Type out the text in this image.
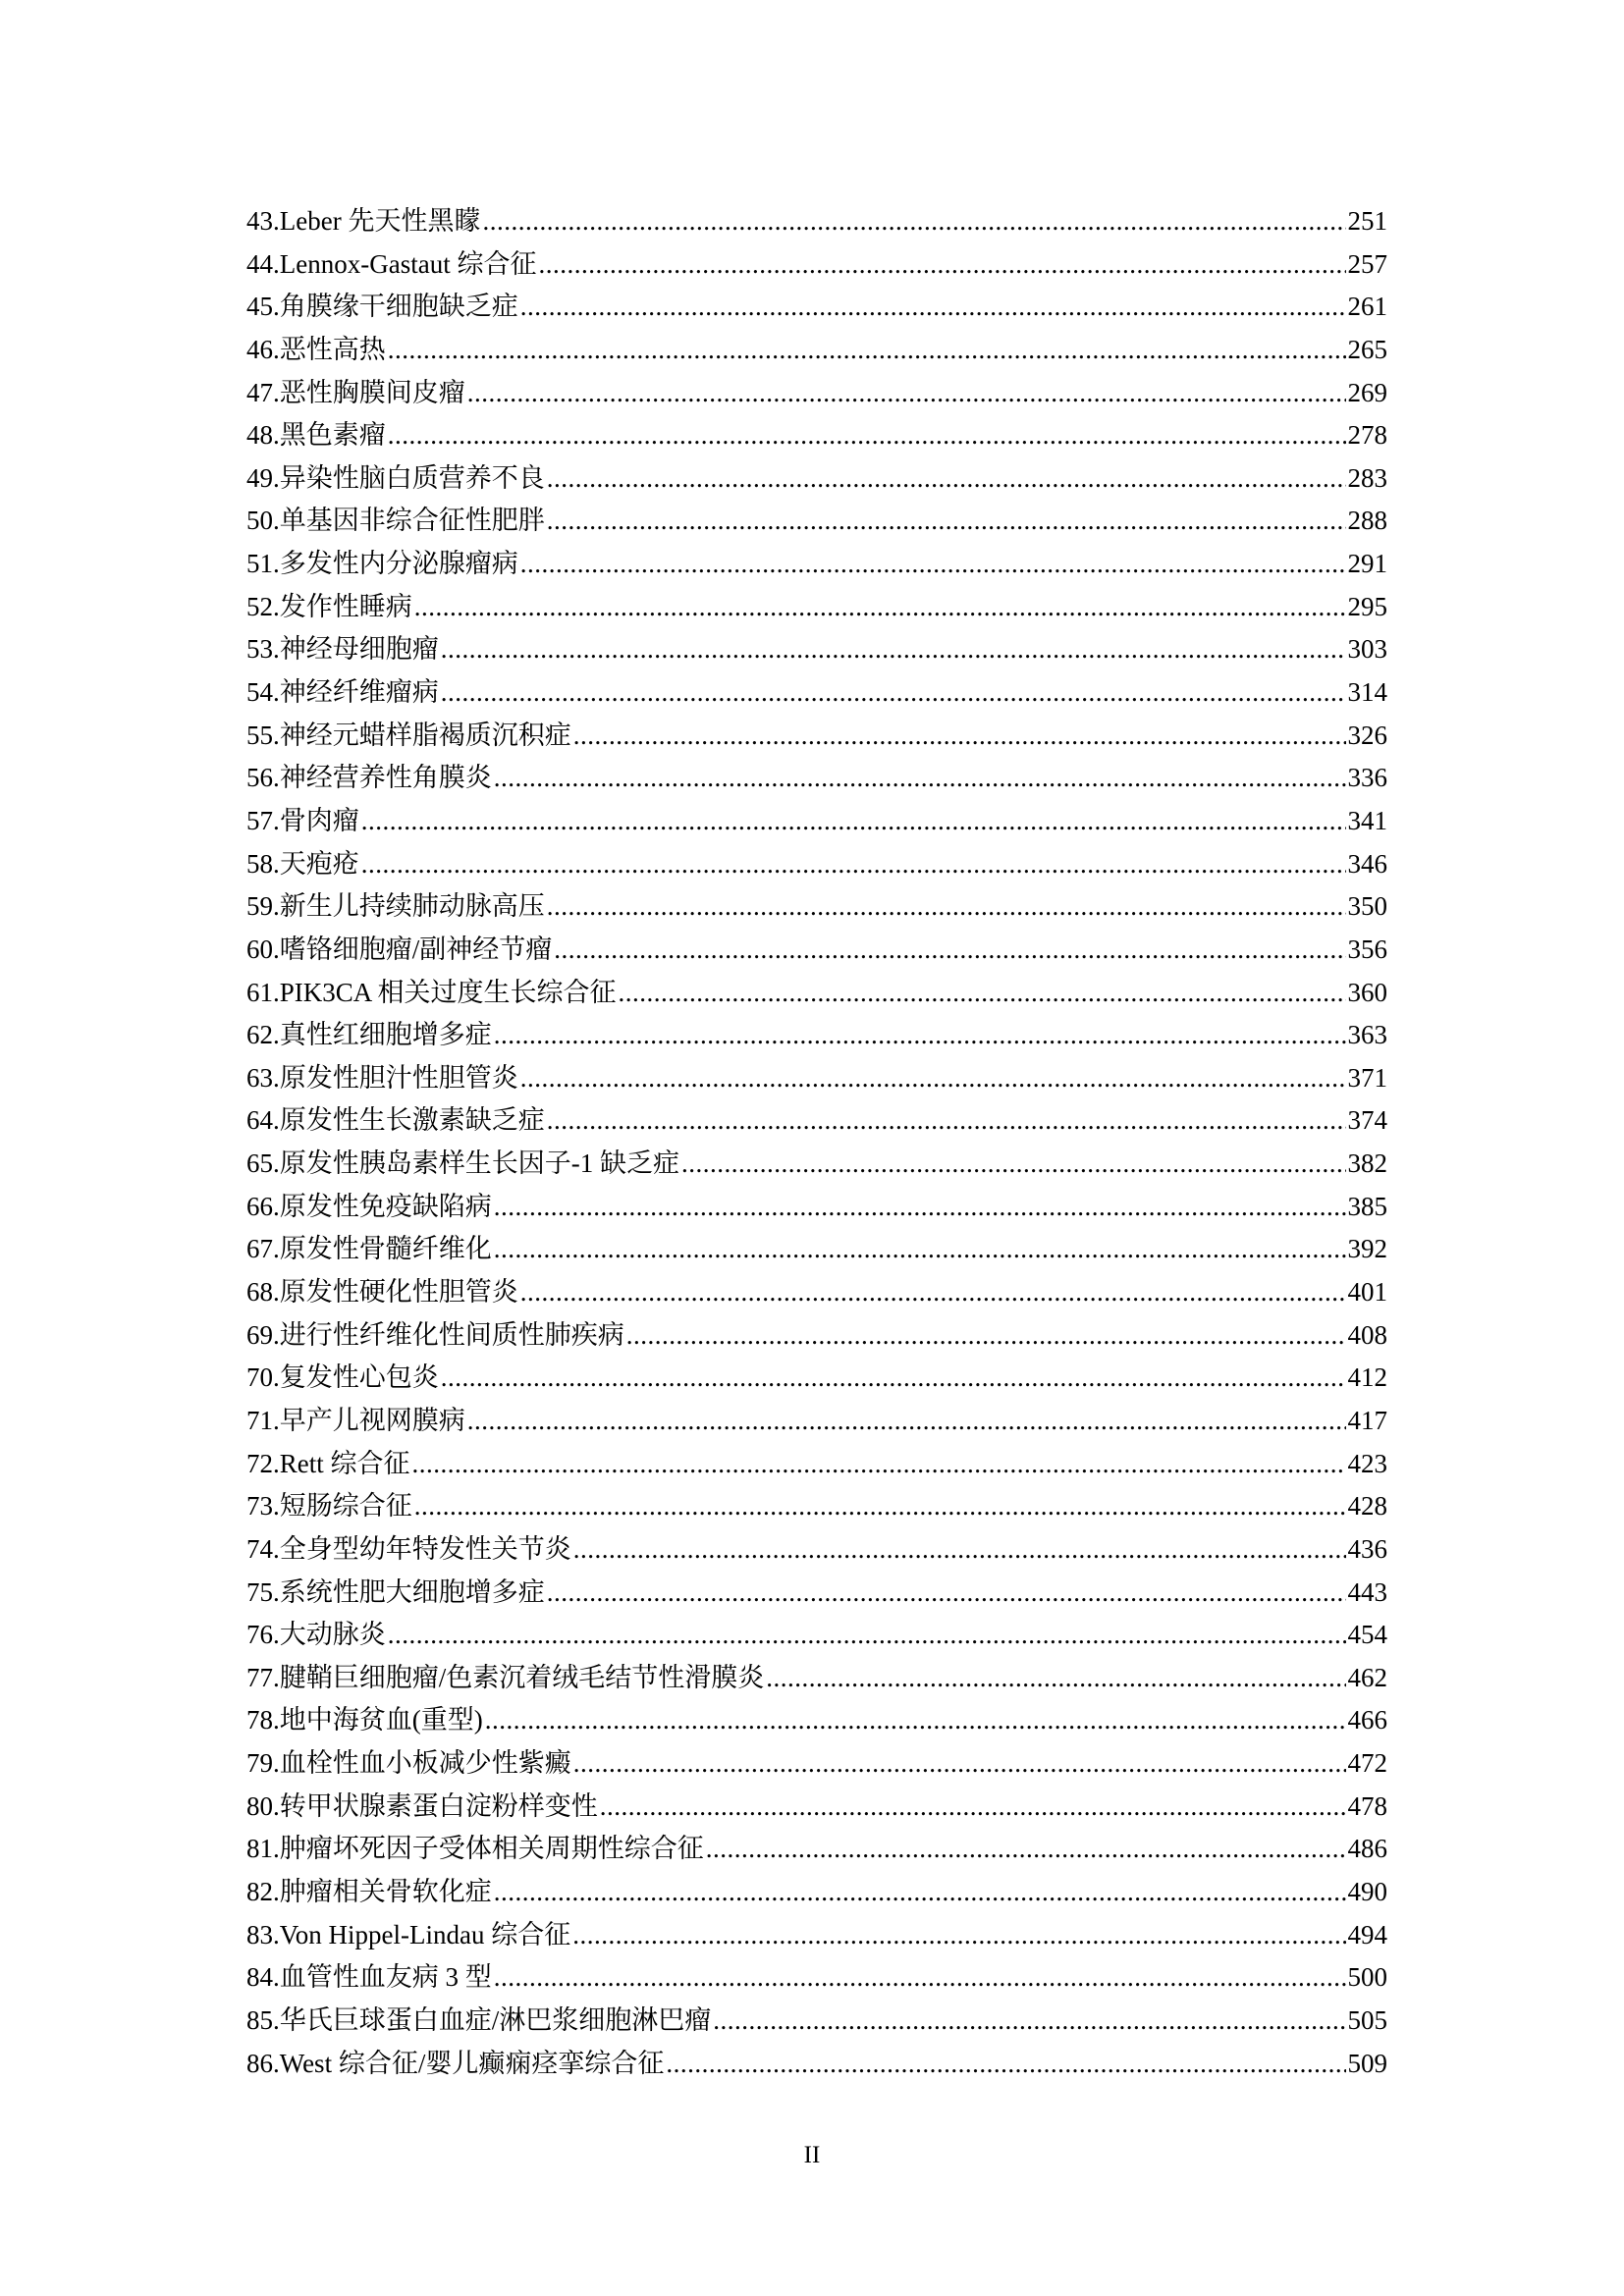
43.Leber 先天性黑矇 .....	251
44.Lennox-Gastaut 综合征 .....	257
45.角膜缘干细胞缺乏症 .....	261
46.恶性高热 .....	265
47.恶性胸膜间皮瘤 .....	269
48.黑色素瘤 .....	278
49.异染性脑白质营养不良 .....	283
50.单基因非综合征性肥胖 .....	288
51.多发性内分泌腺瘤病 .....	291
52.发作性睡病 .....	295
53.神经母细胞瘤 .....	303
54.神经纤维瘤病 .....	314
55.神经元蜡样脂褐质沉积症 .....	326
56.神经营养性角膜炎 .....	336
57.骨肉瘤 .....	341
58.天疱疮 .....	346
59.新生儿持续肺动脉高压 .....	350
60.嗜铬细胞瘤/副神经节瘤 .....	356
61.PIK3CA 相关过度生长综合征 .....	360
62.真性红细胞增多症 .....	363
63.原发性胆汁性胆管炎 .....	371
64.原发性生长激素缺乏症 .....	374
65.原发性胰岛素样生长因子-1 缺乏症 .....	382
66.原发性免疫缺陷病 .....	385
67.原发性骨髓纤维化 .....	392
68.原发性硬化性胆管炎 .....	401
69.进行性纤维化性间质性肺疾病 .....	408
70.复发性心包炎 .....	412
71.早产儿视网膜病 .....	417
72.Rett 综合征 .....	423
73.短肠综合征 .....	428
74.全身型幼年特发性关节炎 .....	436
75.系统性肥大细胞增多症 .....	443
76.大动脉炎 .....	454
77.腱鞘巨细胞瘤/色素沉着绒毛结节性滑膜炎 .....	462
78.地中海贫血(重型) .....	466
79.血栓性血小板减少性紫癜 .....	472
80.转甲状腺素蛋白淀粉样变性 .....	478
81.肿瘤坏死因子受体相关周期性综合征 .....	486
82.肿瘤相关骨软化症 .....	490
83.Von Hippel-Lindau 综合征 .....	494
84.血管性血友病 3 型 .....	500
85.华氏巨球蛋白血症/淋巴浆细胞淋巴瘤 .....	505
86.West 综合征/婴儿癫痫痉挛综合征 .....	509
II
